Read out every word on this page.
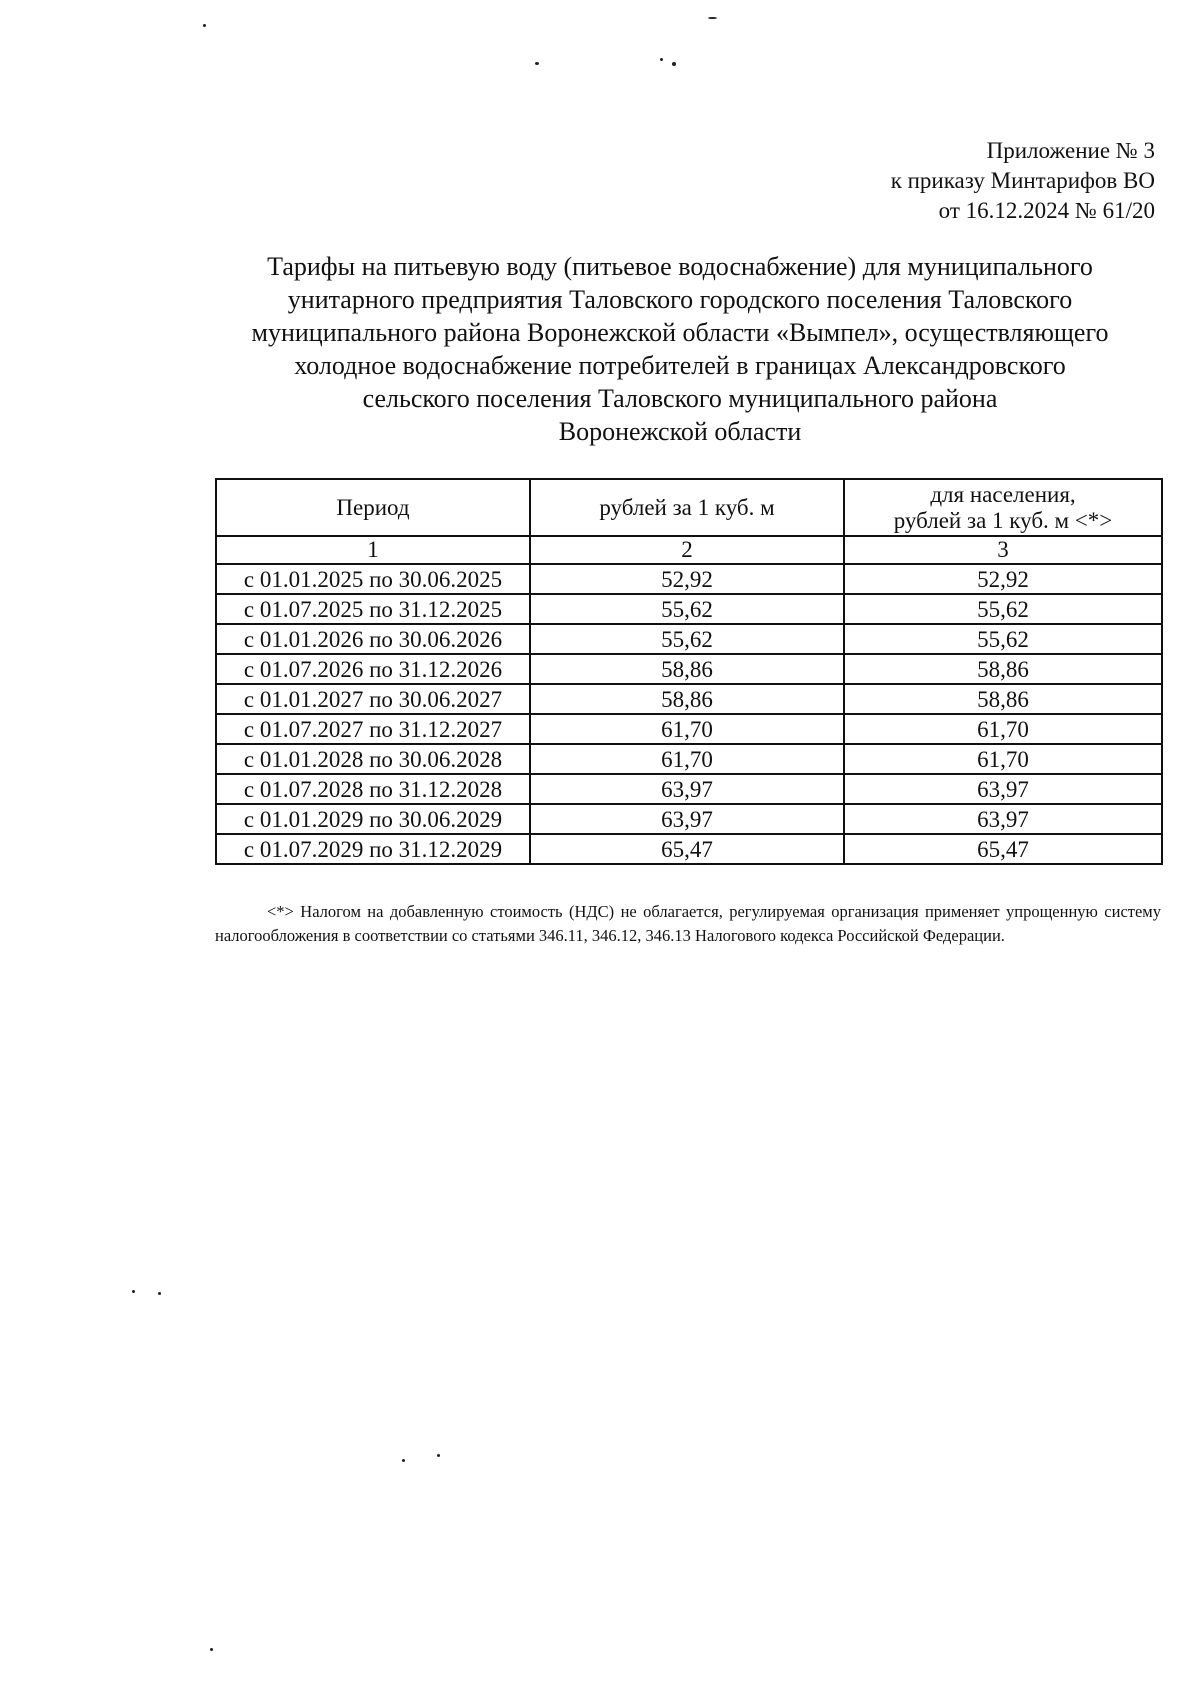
Приложение № 3
к приказу Минтарифов ВО
от 16.12.2024 № 61/20
Тарифы на питьевую воду (питьевое водоснабжение) для муниципального
унитарного предприятия Таловского городского поселения Таловского
муниципального района Воронежской области «Вымпел», осуществляющего
холодное водоснабжение потребителей в границах Александровского
сельского поселения Таловского муниципального района
Воронежской области
Период	рублей за 1 куб. м	для населения,
рублей за 1 куб. м <*>

1	2	3
с 01.01.2025 по 30.06.2025	52,92	52,92
с 01.07.2025 по 31.12.2025	55,62	55,62
с 01.01.2026 по 30.06.2026	55,62	55,62
с 01.07.2026 по 31.12.2026	58,86	58,86
с 01.01.2027 по 30.06.2027	58,86	58,86
с 01.07.2027 по 31.12.2027	61,70	61,70
с 01.01.2028 по 30.06.2028	61,70	61,70
с 01.07.2028 по 31.12.2028	63,97	63,97
с 01.01.2029 по 30.06.2029	63,97	63,97
с 01.07.2029 по 31.12.2029	65,47	65,47
<*> Налогом на добавленную стоимость (НДС) не облагается, регулируемая организация применяет упрощенную систему налогообложения в соответствии со статьями 346.11, 346.12, 346.13 Налогового кодекса Российской Федерации.
